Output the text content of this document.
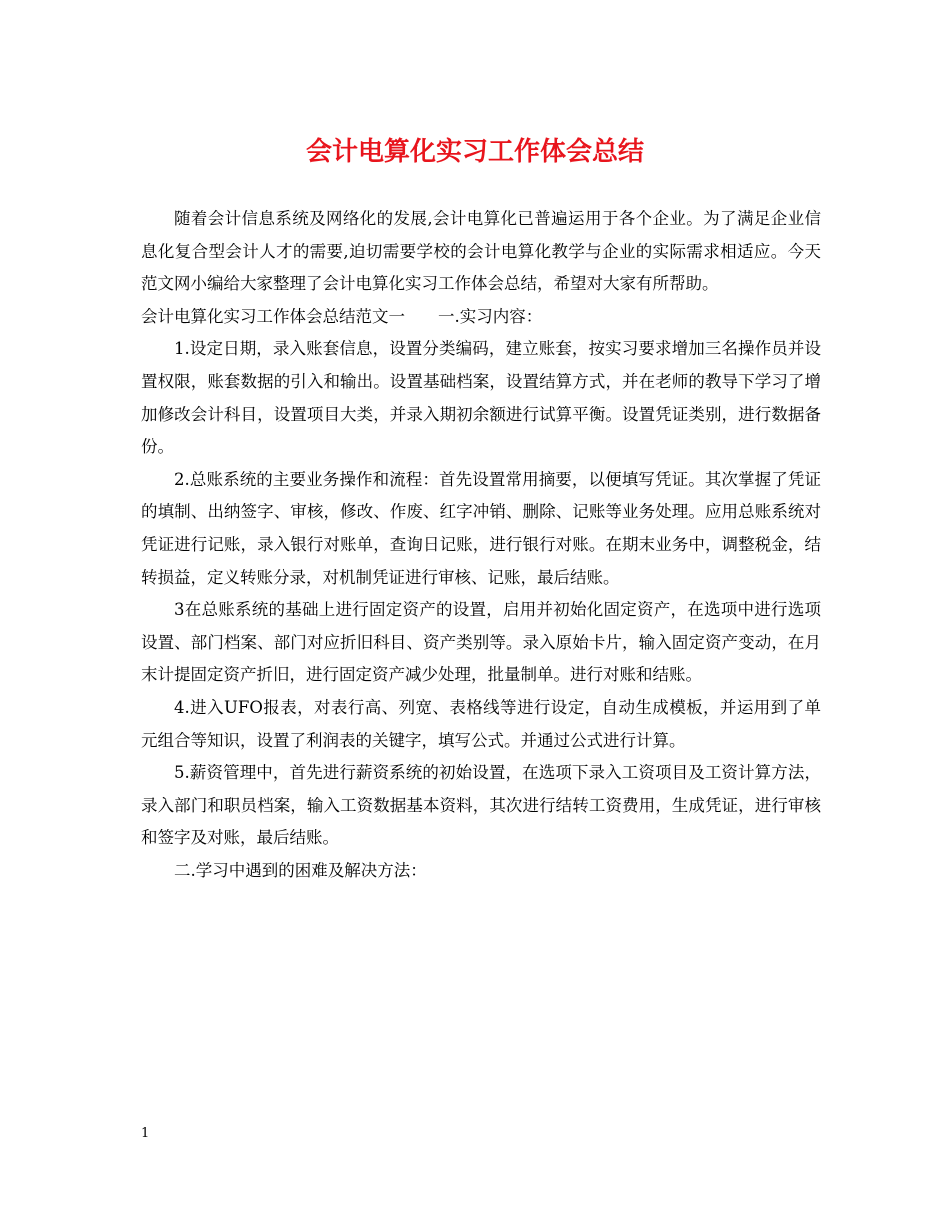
会计电算化实习工作体会总结

随着会计信息系统及网络化的发展,会计电算化已普遍运用于各个企业。为了满足企业信息化复合型会计人才的需要,迫切需要学校的会计电算化教学与企业的实际需求相适应。今天范文网小编给大家整理了会计电算化实习工作体会总结，希望对大家有所帮助。

会计电算化实习工作体会总结范文一　　一.实习内容：

1.设定日期，录入账套信息，设置分类编码，建立账套，按实习要求增加三名操作员并设置权限，账套数据的引入和输出。设置基础档案，设置结算方式，并在老师的教导下学习了增加修改会计科目，设置项目大类，并录入期初余额进行试算平衡。设置凭证类别，进行数据备份。

2.总账系统的主要业务操作和流程：首先设置常用摘要，以便填写凭证。其次掌握了凭证的填制、出纳签字、审核，修改、作废、红字冲销、删除、记账等业务处理。应用总账系统对凭证进行记账，录入银行对账单，查询日记账，进行银行对账。在期末业务中，调整税金，结转损益，定义转账分录，对机制凭证进行审核、记账，最后结账。

3在总账系统的基础上进行固定资产的设置，启用并初始化固定资产，在选项中进行选项设置、部门档案、部门对应折旧科目、资产类别等。录入原始卡片，输入固定资产变动，在月末计提固定资产折旧，进行固定资产减少处理，批量制单。进行对账和结账。

4.进入UFO报表，对表行高、列宽、表格线等进行设定，自动生成模板，并运用到了单元组合等知识，设置了利润表的关键字，填写公式。并通过公式进行计算。

5.薪资管理中，首先进行薪资系统的初始设置，在选项下录入工资项目及工资计算方法，录入部门和职员档案，输入工资数据基本资料，其次进行结转工资费用，生成凭证，进行审核和签字及对账，最后结账。

二.学习中遇到的困难及解决方法：

1
